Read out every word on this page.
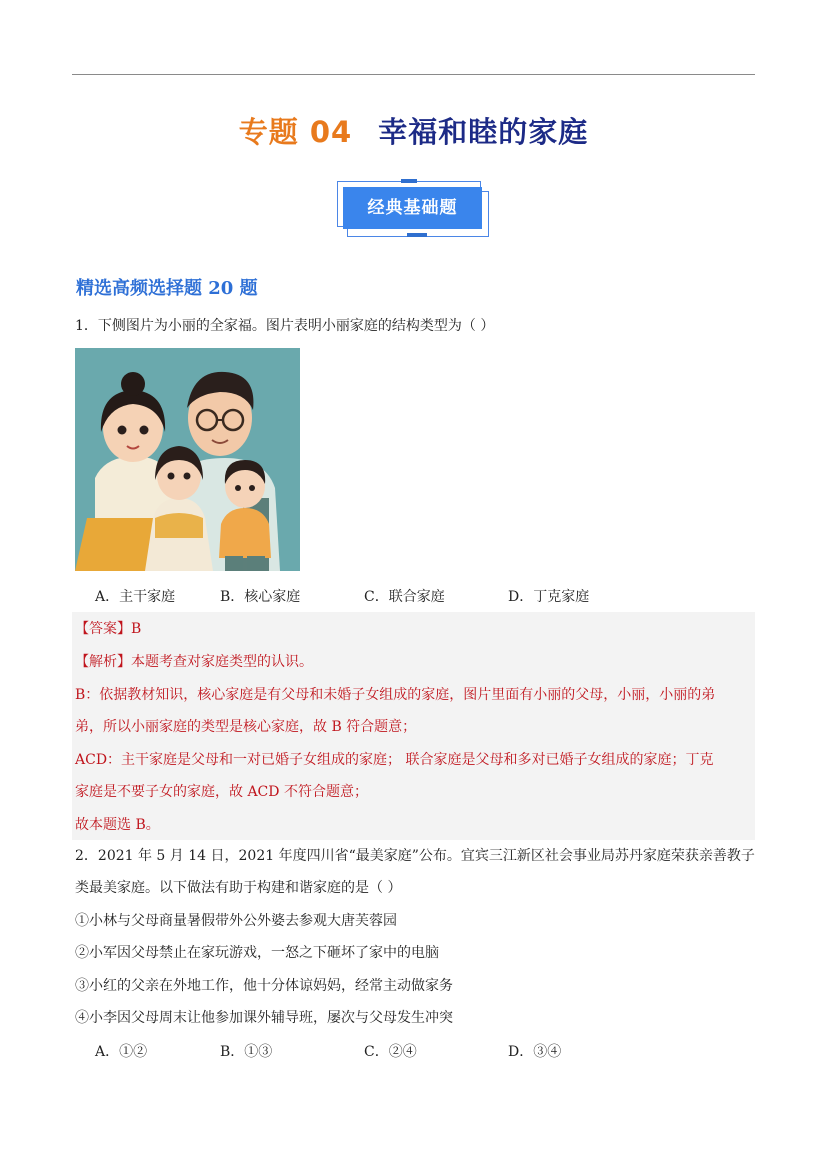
专题 04 幸福和睦的家庭
经典基础题
精选高频选择题 20 题
1．下侧图片为小丽的全家福。图片表明小丽家庭的结构类型为（ ）
A．主干家庭	B．核心家庭	C．联合家庭	D．丁克家庭
【答案】B
【解析】本题考查对家庭类型的认识。
B：依据教材知识，核心家庭是有父母和未婚子女组成的家庭，图片里面有小丽的父母，小丽，小丽的弟
弟，所以小丽家庭的类型是核心家庭，故 B 符合题意；
ACD：主干家庭是父母和一对已婚子女组成的家庭； 联合家庭是父母和多对已婚子女组成的家庭；丁克
家庭是不要子女的家庭，故 ACD 不符合题意；
故本题选 B。
2．2021 年 5 月 14 日，2021 年度四川省“最美家庭”公布。宜宾三江新区社会事业局苏丹家庭荣获亲善教子
类最美家庭。以下做法有助于构建和谐家庭的是（ ）
①小林与父母商量暑假带外公外婆去参观大唐芙蓉园
②小军因父母禁止在家玩游戏，一怒之下砸坏了家中的电脑
③小红的父亲在外地工作，他十分体谅妈妈，经常主动做家务
④小李因父母周末让他参加课外辅导班，屡次与父母发生冲突
A．①②	B．①③	C．②④	D．③④
